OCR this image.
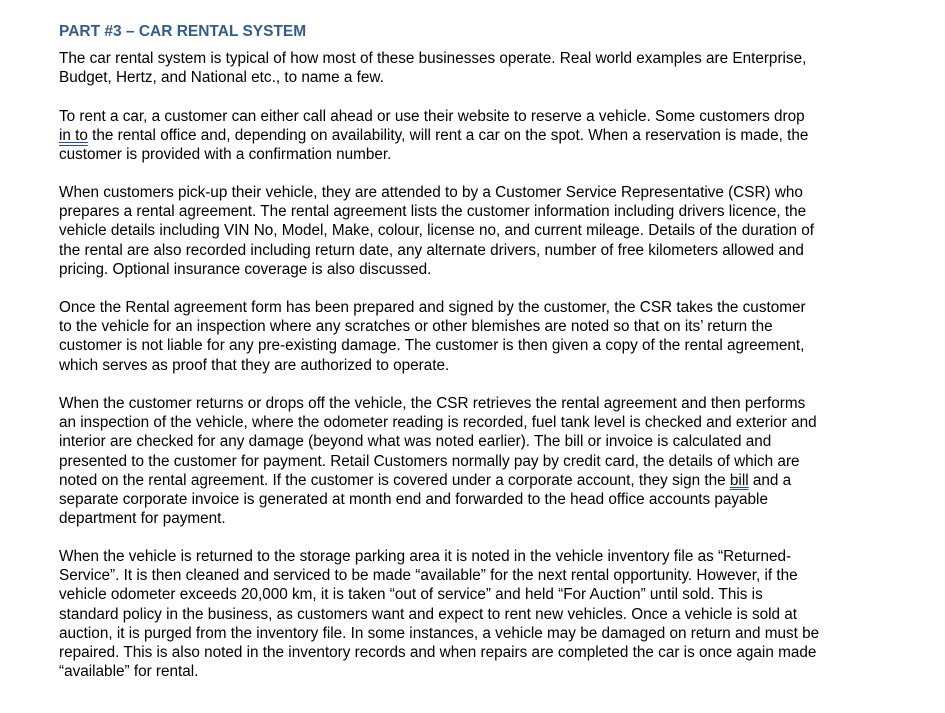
PART #3 – CAR RENTAL SYSTEM
The car rental system is typical of how most of these businesses operate. Real world examples are Enterprise,
Budget, Hertz, and National etc., to name a few.
To rent a car, a customer can either call ahead or use their website to reserve a vehicle. Some customers drop
in to the rental office and, depending on availability, will rent a car on the spot. When a reservation is made, the
customer is provided with a confirmation number.
When customers pick-up their vehicle, they are attended to by a Customer Service Representative (CSR) who
prepares a rental agreement. The rental agreement lists the customer information including drivers licence, the
vehicle details including VIN No, Model, Make, colour, license no, and current mileage. Details of the duration of
the rental are also recorded including return date, any alternate drivers, number of free kilometers allowed and
pricing. Optional insurance coverage is also discussed.
Once the Rental agreement form has been prepared and signed by the customer, the CSR takes the customer
to the vehicle for an inspection where any scratches or other blemishes are noted so that on its’ return the
customer is not liable for any pre-existing damage. The customer is then given a copy of the rental agreement,
which serves as proof that they are authorized to operate.
When the customer returns or drops off the vehicle, the CSR retrieves the rental agreement and then performs
an inspection of the vehicle, where the odometer reading is recorded, fuel tank level is checked and exterior and
interior are checked for any damage (beyond what was noted earlier). The bill or invoice is calculated and
presented to the customer for payment. Retail Customers normally pay by credit card, the details of which are
noted on the rental agreement. If the customer is covered under a corporate account, they sign the bill and a
separate corporate invoice is generated at month end and forwarded to the head office accounts payable
department for payment.
When the vehicle is returned to the storage parking area it is noted in the vehicle inventory file as “Returned-
Service”. It is then cleaned and serviced to be made “available” for the next rental opportunity. However, if the
vehicle odometer exceeds 20,000 km, it is taken “out of service” and held “For Auction” until sold. This is
standard policy in the business, as customers want and expect to rent new vehicles. Once a vehicle is sold at
auction, it is purged from the inventory file. In some instances, a vehicle may be damaged on return and must be
repaired. This is also noted in the inventory records and when repairs are completed the car is once again made
“available” for rental.
